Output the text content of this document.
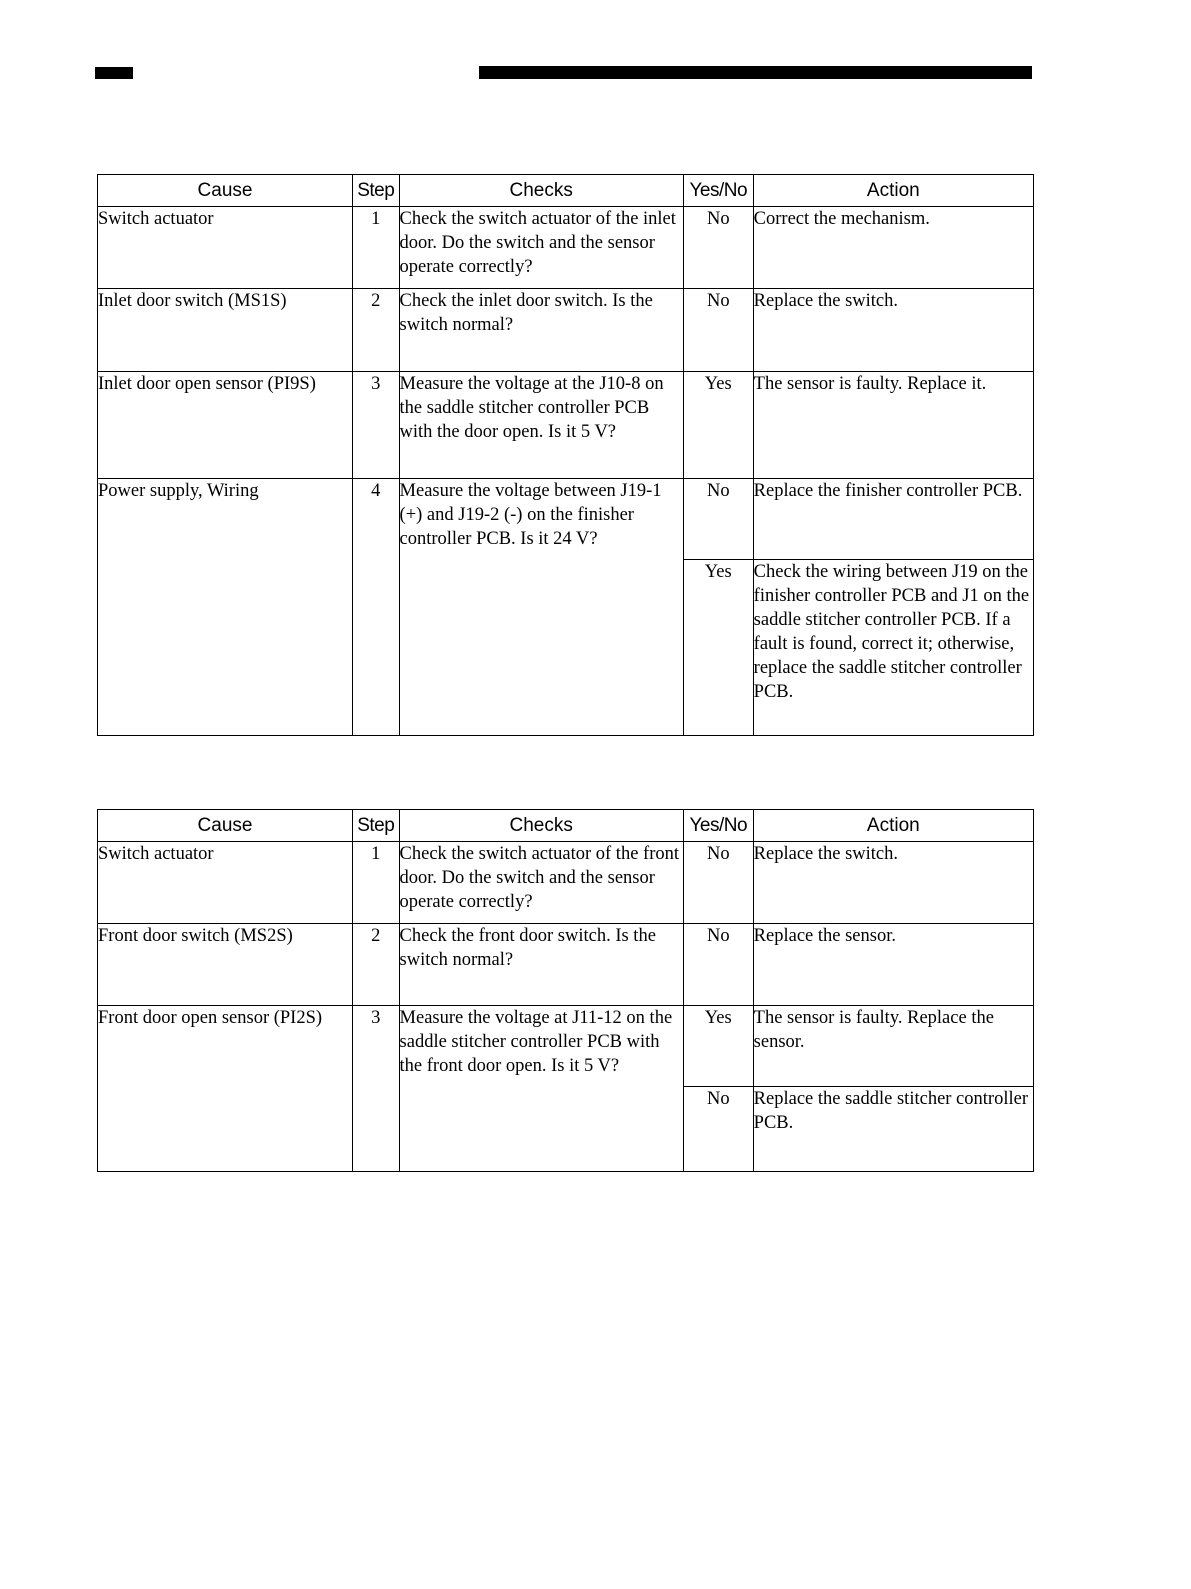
Cause	Step	Checks	Yes/No	Action
Switch actuator	1	Check the switch actuator of the inlet door. Do the switch and the sensor operate correctly?	No	Correct the mechanism.
Inlet door switch (MS1S)	2	Check the inlet door switch. Is the switch normal?	No	Replace the switch.
Inlet door open sensor (PI9S)	3	Measure the voltage at the J10-8 on the saddle stitcher controller PCB with the door open. Is it 5 V?	Yes	The sensor is faulty. Replace it.
Power supply, Wiring	4	Measure the voltage between J19-1 (+) and J19-2 (-) on the finisher controller PCB. Is it 24 V?	No	Replace the finisher controller PCB.
			Yes	Check the wiring between J19 on the finisher controller PCB and J1 on the saddle stitcher controller PCB. If a fault is found, correct it; otherwise, replace the saddle stitcher controller PCB.
Cause	Step	Checks	Yes/No	Action
Switch actuator	1	Check the switch actuator of the front door. Do the switch and the sensor operate correctly?	No	Replace the switch.
Front door switch (MS2S)	2	Check the front door switch. Is the switch normal?	No	Replace the sensor.
Front door open sensor (PI2S)	3	Measure the voltage at J11-12 on the saddle stitcher controller PCB with the front door open. Is it 5 V?	Yes	The sensor is faulty. Replace the sensor.
			No	Replace the saddle stitcher controller PCB.
